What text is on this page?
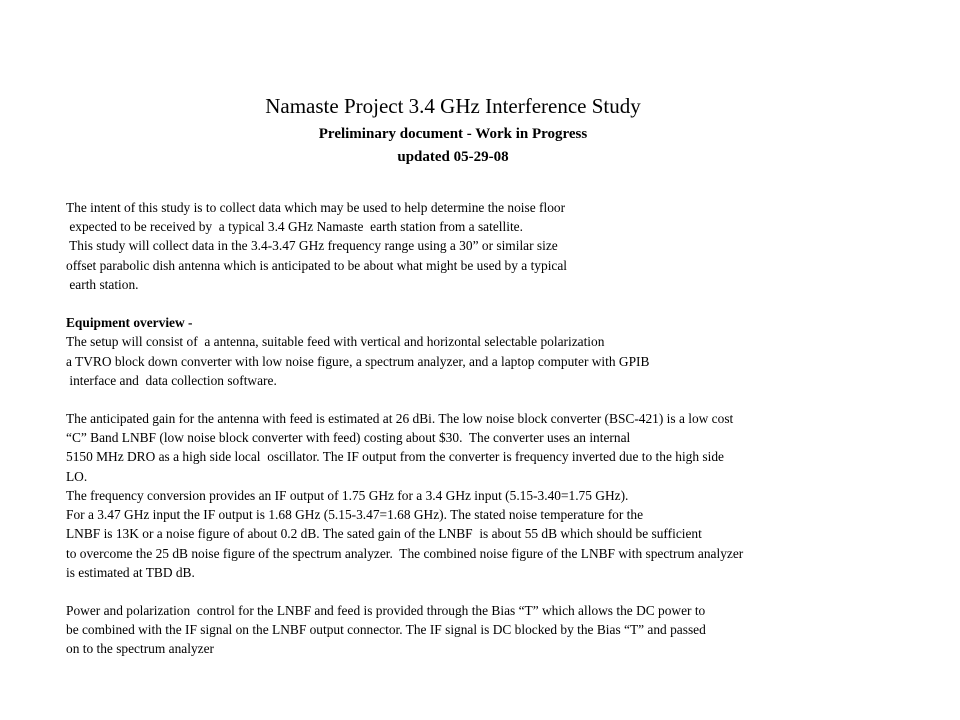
Namaste Project 3.4 GHz Interference Study
Preliminary document - Work in Progress
updated 05-29-08
The intent of this study is to collect data which may be used to help determine the noise floor
expected to be received by  a typical 3.4 GHz Namaste  earth station from a satellite.
This study will collect data in the 3.4-3.47 GHz frequency range using a 30” or similar size
offset parabolic dish antenna which is anticipated to be about what might be used by a typical
earth station.
Equipment overview -
The setup will consist of  a antenna, suitable feed with vertical and horizontal selectable polarization
a TVRO block down converter with low noise figure, a spectrum analyzer, and a laptop computer with GPIB
interface and  data collection software.
The anticipated gain for the antenna with feed is estimated at 26 dBi. The low noise block converter (BSC-421) is a low cost
“C” Band LNBF (low noise block converter with feed) costing about $30.  The converter uses an internal
5150 MHz DRO as a high side local  oscillator. The IF output from the converter is frequency inverted due to the high side
LO.
The frequency conversion provides an IF output of 1.75 GHz for a 3.4 GHz input (5.15-3.40=1.75 GHz).
For a 3.47 GHz input the IF output is 1.68 GHz (5.15-3.47=1.68 GHz). The stated noise temperature for the
LNBF is 13K or a noise figure of about 0.2 dB. The sated gain of the LNBF  is about 55 dB which should be sufficient
to overcome the 25 dB noise figure of the spectrum analyzer.  The combined noise figure of the LNBF with spectrum analyzer
is estimated at TBD dB.
Power and polarization  control for the LNBF and feed is provided through the Bias “T” which allows the DC power to
be combined with the IF signal on the LNBF output connector. The IF signal is DC blocked by the Bias “T” and passed
on to the spectrum analyzer
